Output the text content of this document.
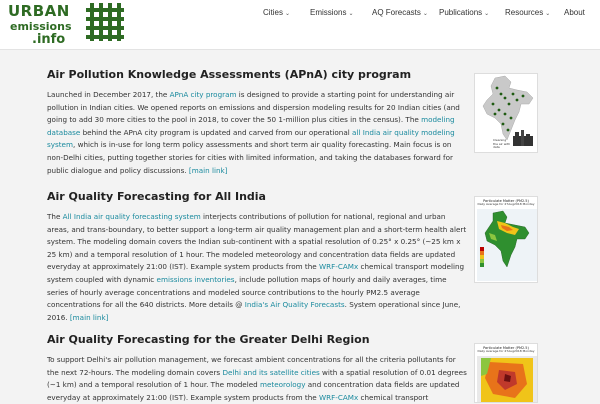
URBAN
emissions
.info
Cities ⌄ Emissions ⌄ AQ Forecasts ⌄ Publications ⌄ Resources ⌄ About
Air Pollution Knowledge Assessments (APnA) city program

Launched in December 2017, the APnA city program is designed to provide a starting point for understanding air pollution in Indian cities. We opened reports on emissions and dispersion modeling results for 20 Indian cities (and going to add 30 more cities to the pool in 2018, to cover the 50 1-million plus cities in the census). The modeling database behind the APnA city program is updated and carved from our operational all India air quality modeling system, which is in-use for long term policy assessments and short term air quality forecasting. Main focus is on non-Delhi cities, putting together stories for cities with limited information, and taking the databases forward for public dialogue and policy discussions. [main link]

Cleaning the air with data
Air Quality Forecasting for All India

The All India air quality forecasting system interjects contributions of pollution for national, regional and urban areas, and trans-boundary, to better support a long-term air quality management plan and a short-term health alert system. The modeling domain covers the Indian sub-continent with a spatial resolution of 0.25° x 0.25° (~25 km x 25 km) and a temporal resolution of 1 hour. The modeled meteorology and concentration data fields are updated everyday at approximately 21:00 (IST). Example system products from the WRF-CAMx chemical transport modeling system coupled with dynamic emissions inventories, include pollution maps of hourly and daily averages, time series of hourly average concentrations and modeled source contributions to the hourly PM2.5 average concentrations for all the 640 districts. More details @ India's Air Quality Forecasts. System operational since June, 2016. [main link]

Particulate Matter (PM2.5)
Daily Average for 27Aug2018 Monday
Air Quality Forecasting for the Greater Delhi Region

To support Delhi's air pollution management, we forecast ambient concentrations for all the criteria pollutants for the next 72-hours. The modeling domain covers Delhi and its satellite cities with a spatial resolution of 0.01 degrees (~1 km) and a temporal resolution of 1 hour. The modeled meteorology and concentration data fields are updated everyday at approximately 21:00 (IST). Example system products from the WRF-CAMx chemical transport

Particulate Matter (PM2.5)
Daily Average for 27Aug2018 Monday
